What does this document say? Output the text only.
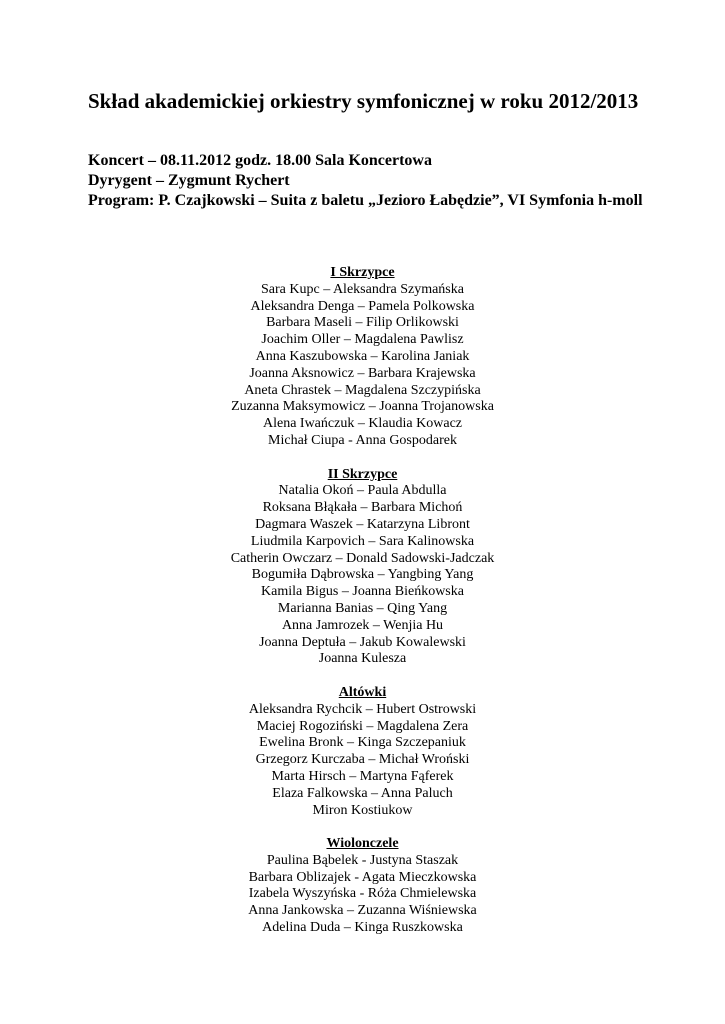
Skład akademickiej orkiestry symfonicznej w roku 2012/2013
Koncert – 08.11.2012 godz. 18.00 Sala Koncertowa
Dyrygent – Zygmunt Rychert
Program: P. Czajkowski – Suita z baletu „Jezioro Łabędzie”, VI Symfonia h-moll
I Skrzypce
Sara Kupc – Aleksandra Szymańska
Aleksandra Denga – Pamela Polkowska
Barbara Maseli – Filip Orlikowski
Joachim Oller – Magdalena Pawlisz
Anna Kaszubowska – Karolina Janiak
Joanna Aksnowicz – Barbara Krajewska
Aneta Chrastek – Magdalena Szczypińska
Zuzanna Maksymowicz – Joanna Trojanowska
Alena Iwańczuk – Klaudia Kowacz
Michał Ciupa - Anna Gospodarek
II Skrzypce
Natalia Okoń – Paula Abdulla
Roksana Błąkała – Barbara Michoń
Dagmara Waszek – Katarzyna Libront
Liudmila Karpovich – Sara Kalinowska
Catherin Owczarz – Donald Sadowski-Jadczak
Bogumiła Dąbrowska – Yangbing Yang
Kamila Bigus – Joanna Bieńkowska
Marianna Banias – Qing Yang
Anna Jamrozek – Wenjia Hu
Joanna Deptuła – Jakub Kowalewski
Joanna Kulesza
Altówki
Aleksandra Rychcik – Hubert Ostrowski
Maciej Rogoziński – Magdalena Zera
Ewelina Bronk – Kinga Szczepaniuk
Grzegorz Kurczaba – Michał Wroński
Marta Hirsch – Martyna Fąferek
Elaza Falkowska – Anna Paluch
Miron Kostiukow
Wiolonczele
Paulina Bąbelek - Justyna Staszak
Barbara Oblizajek - Agata Mieczkowska
Izabela Wyszyńska - Róża Chmielewska
Anna Jankowska – Zuzanna Wiśniewska
Adelina Duda – Kinga Ruszkowska
